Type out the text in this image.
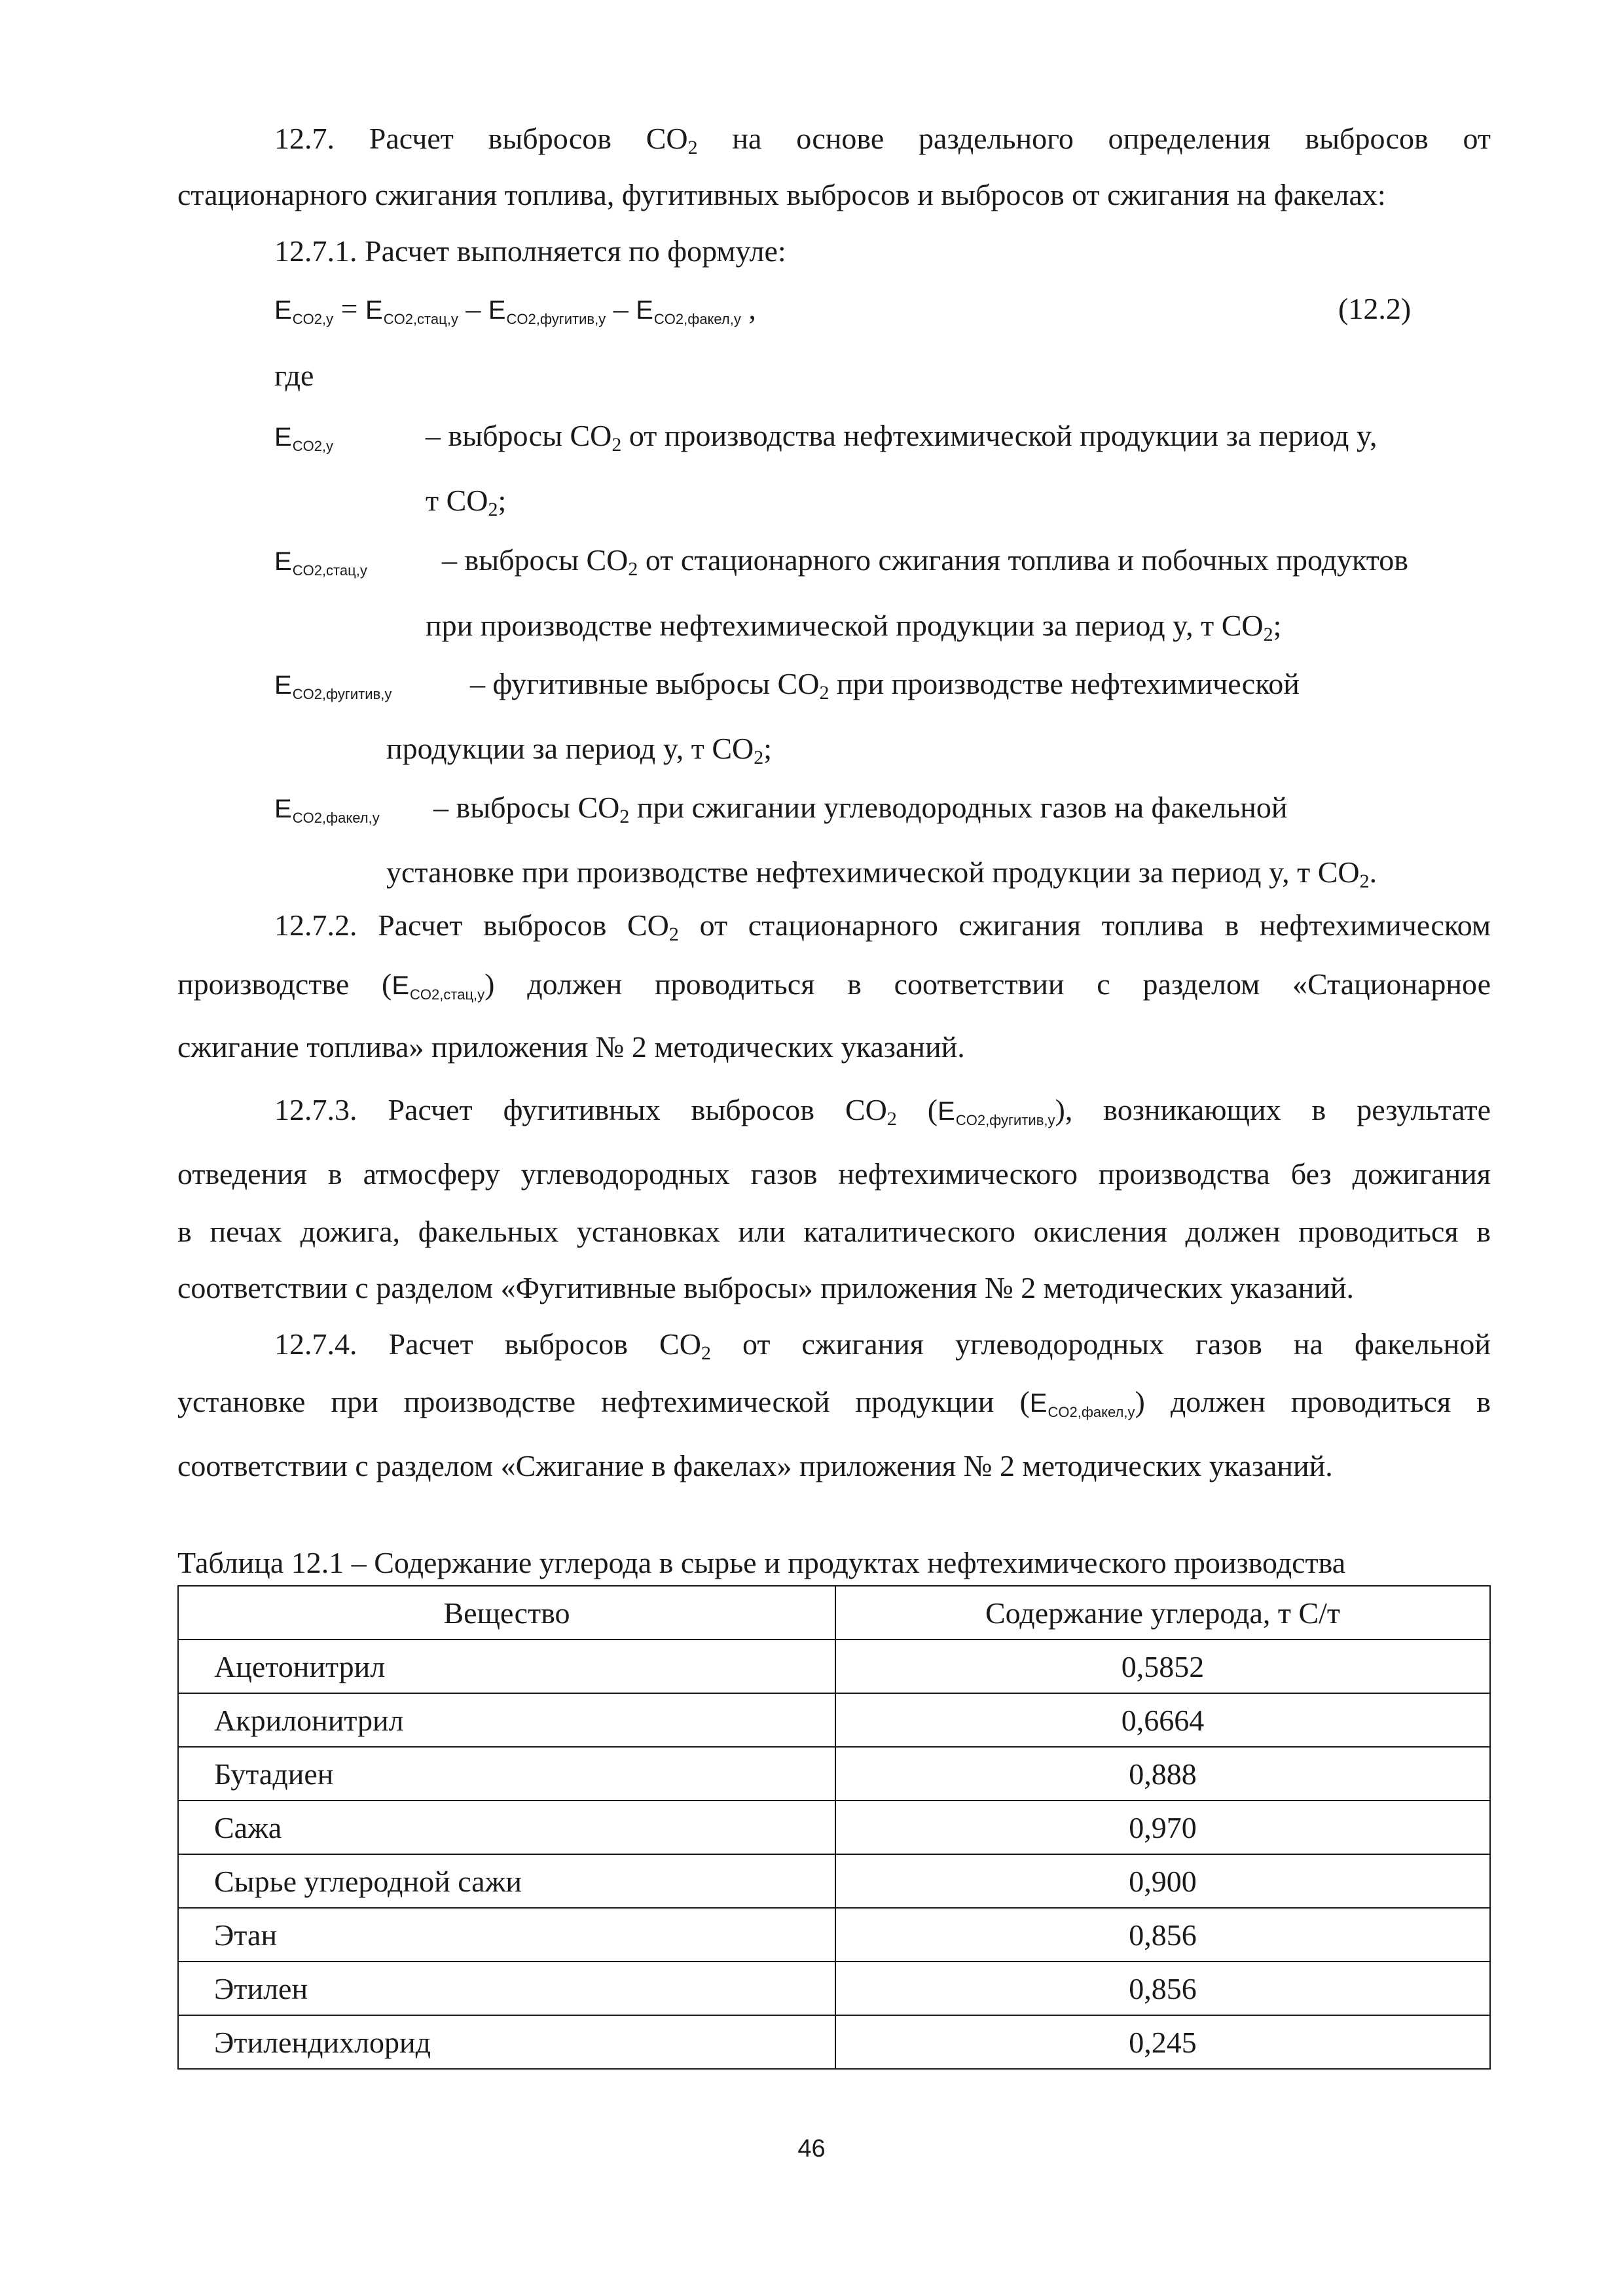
12.7. Расчет выбросов $CO_2$ на основе раздельного определения выбросов от
стационарного сжигания топлива, фугитивных выбросов и выбросов от сжигания на факелах:
12.7.1. Расчет выполняется по формуле:
$E_{CO2,y} = E_{CO2,стац,y} - E_{CO2,фугитив,y} - E_{CO2,факел,y}$ ,	(12.2)
где
$E_{CO2,y}$	– выбросы $CO_2$ от производства нефтехимической продукции за период y,
т $CO_2$;
$E_{CO2,стац,y}$ – выбросы $CO_2$ от стационарного сжигания топлива и побочных продуктов
при производстве нефтехимической продукции за период y, т $CO_2$;
$E_{CO2,фугитив,y}$	– фугитивные выбросы $CO_2$ при производстве нефтехимической
продукции за период y, т $CO_2$;
$E_{CO2,факел,y}$ – выбросы $CO_2$ при сжигании углеводородных газов на факельной
установке при производстве нефтехимической продукции за период y, т $CO_2$.
12.7.2. Расчет выбросов $CO_2$ от стационарного сжигания топлива в нефтехимическом
производстве $(E_{CO2,стац,y})$ должен проводиться в соответствии с разделом «Стационарное
сжигание топлива» приложения № 2 методических указаний.
12.7.3. Расчет фугитивных выбросов $CO_2$ $(E_{CO2,фугитив,y})$, возникающих в результате
отведения в атмосферу углеводородных газов нефтехимического производства без дожигания
в печах дожига, факельных установках или каталитического окисления должен проводиться в
соответствии с разделом «Фугитивные выбросы» приложения № 2 методических указаний.
12.7.4. Расчет выбросов $CO_2$ от сжигания углеводородных газов на факельной
установке при производстве нефтехимической продукции $(E_{CO2,факел,y})$ должен проводиться в
соответствии с разделом «Сжигание в факелах» приложения № 2 методических указаний.
Таблица 12.1 – Содержание углерода в сырье и продуктах нефтехимического производства
Вещество	Содержание углерода, т C/т
Ацетонитрил	0,5852
Акрилонитрил	0,6664
Бутадиен	0,888
Сажа	0,970
Сырье углеродной сажи	0,900
Этан	0,856
Этилен	0,856
Этилендихлорид	0,245
46
